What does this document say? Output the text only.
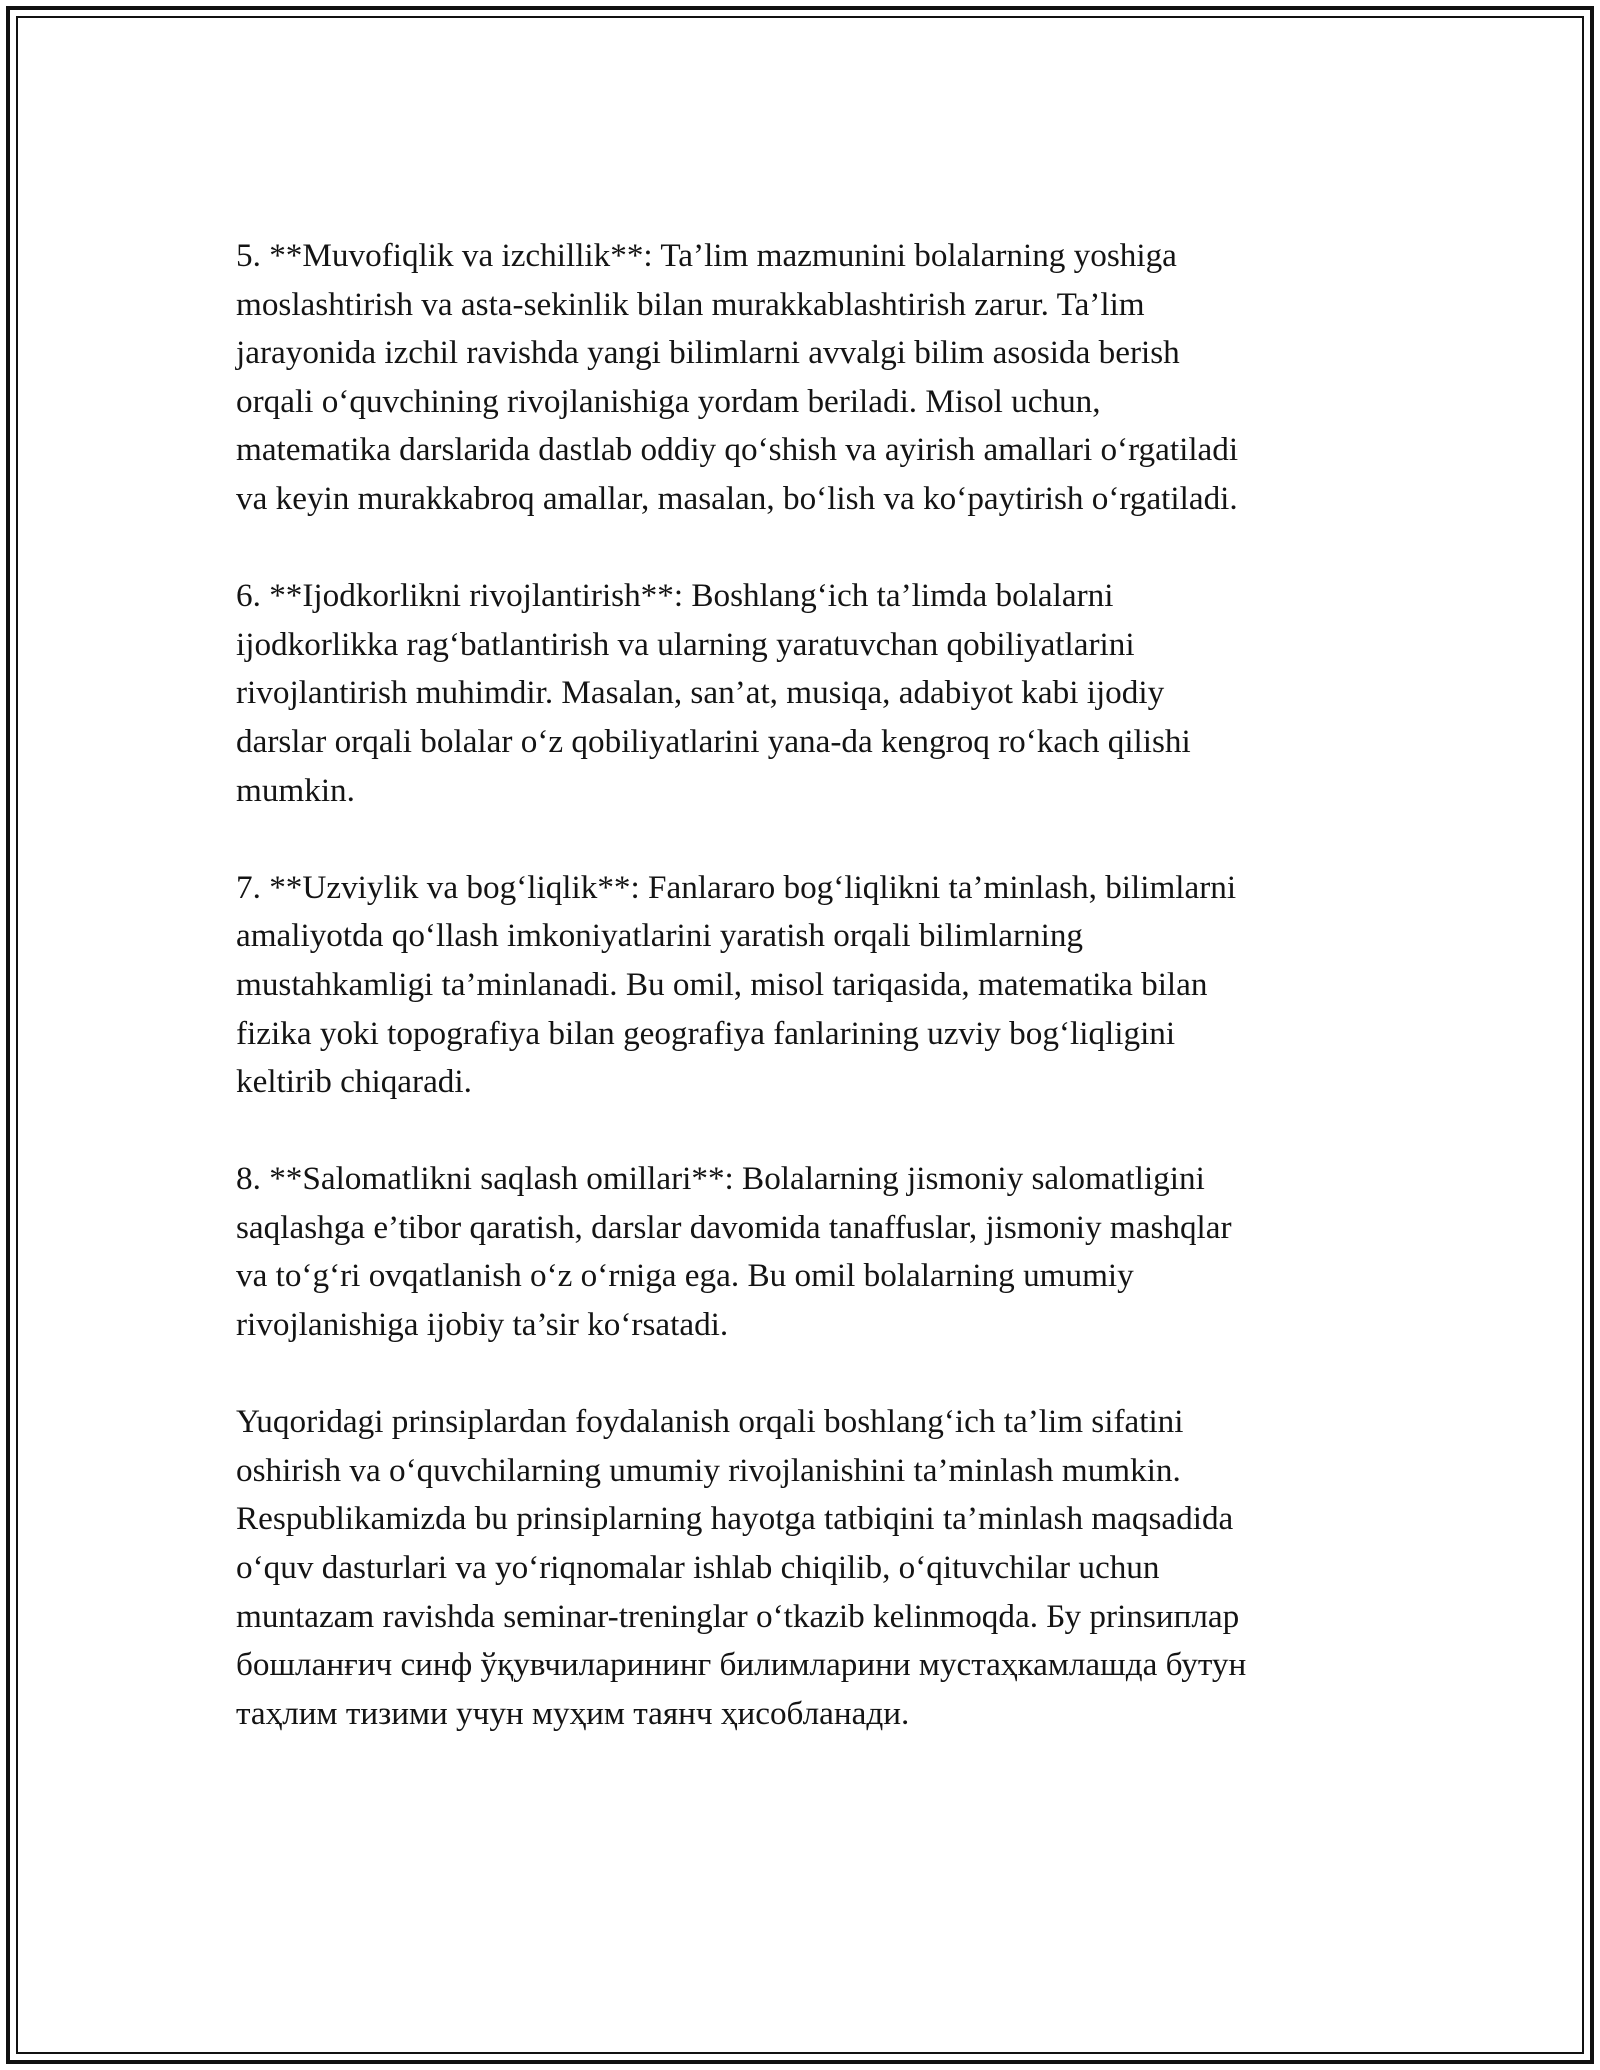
5. **Muvofiqlik va izchillik**: Ta’lim mazmunini bolalarning yoshiga
moslashtirish va asta-sekinlik bilan murakkablashtirish zarur. Ta’lim
jarayonida izchil ravishda yangi bilimlarni avvalgi bilim asosida berish
orqali o‘quvchining rivojlanishiga yordam beriladi. Misol uchun,
matematika darslarida dastlab oddiy qo‘shish va ayirish amallari o‘rgatiladi
va keyin murakkabroq amallar, masalan, bo‘lish va ko‘paytirish o‘rgatiladi.

6. **Ijodkorlikni rivojlantirish**: Boshlang‘ich ta’limda bolalarni
ijodkorlikka rag‘batlantirish va ularning yaratuvchan qobiliyatlarini
rivojlantirish muhimdir. Masalan, san’at, musiqa, adabiyot kabi ijodiy
darslar orqali bolalar o‘z qobiliyatlarini yana-da kengroq ro‘kach qilishi
mumkin.

7. **Uzviylik va bog‘liqlik**: Fanlararo bog‘liqlikni ta’minlash, bilimlarni
amaliyotda qo‘llash imkoniyatlarini yaratish orqali bilimlarning
mustahkamligi ta’minlanadi. Bu omil, misol tariqasida, matematika bilan
fizika yoki topografiya bilan geografiya fanlarining uzviy bog‘liqligini
keltirib chiqaradi.

8. **Salomatlikni saqlash omillari**: Bolalarning jismoniy salomatligini
saqlashga e’tibor qaratish, darslar davomida tanaffuslar, jismoniy mashqlar
va to‘g‘ri ovqatlanish o‘z o‘rniga ega. Bu omil bolalarning umumiy
rivojlanishiga ijobiy ta’sir ko‘rsatadi.

Yuqoridagi prinsiplardan foydalanish orqali boshlang‘ich ta’lim sifatini
oshirish va o‘quvchilarning umumiy rivojlanishini ta’minlash mumkin.
Respublikamizda bu prinsiplarning hayotga tatbiqini ta’minlash maqsadida
o‘quv dasturlari va yo‘riqnomalar ishlab chiqilib, o‘qituvchilar uchun
muntazam ravishda seminar-treninglar o‘tkazib kelinmoqda. Бу prinsиплар
бошланғич синф ўқувчиларининг билимларини мустаҳкамлашда бутун
таҳлим тизими учун муҳим таянч ҳисобланади.
